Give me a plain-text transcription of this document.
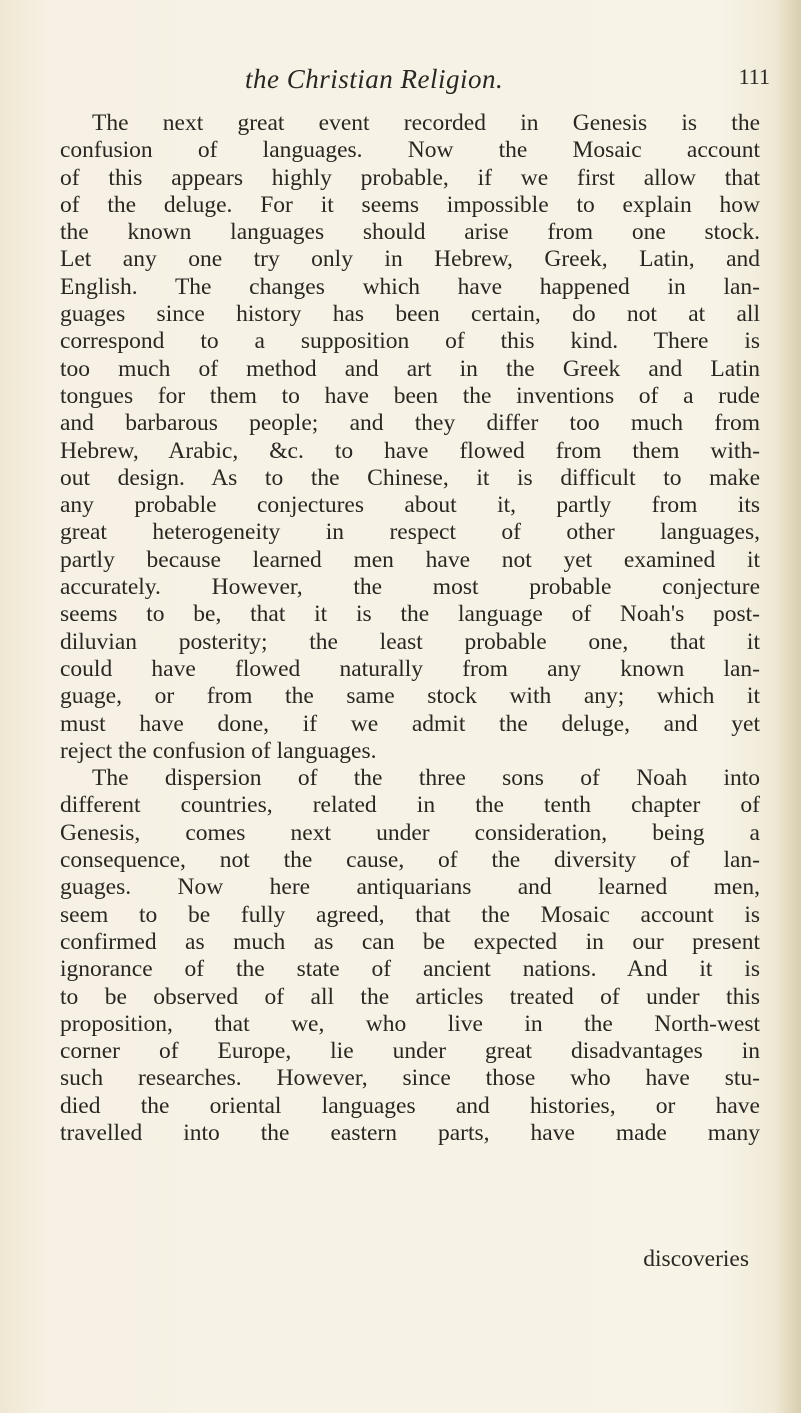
the Christian Religion.	111
The next great event recorded in Genesis is the
confusion of languages. Now the Mosaic account
of this appears highly probable, if we first allow that
of the deluge. For it seems impossible to explain how
the known languages should arise from one stock.
Let any one try only in Hebrew, Greek, Latin, and
English. The changes which have happened in lan-
guages since history has been certain, do not at all
correspond to a supposition of this kind. There is
too much of method and art in the Greek and Latin
tongues for them to have been the inventions of a rude
and barbarous people; and they differ too much from
Hebrew, Arabic, &c. to have flowed from them with-
out design. As to the Chinese, it is difficult to make
any probable conjectures about it, partly from its
great heterogeneity in respect of other languages,
partly because learned men have not yet examined it
accurately. However, the most probable conjecture
seems to be, that it is the language of Noah's post-
diluvian posterity; the least probable one, that it
could have flowed naturally from any known lan-
guage, or from the same stock with any; which it
must have done, if we admit the deluge, and yet
reject the confusion of languages.
The dispersion of the three sons of Noah into
different countries, related in the tenth chapter of
Genesis, comes next under consideration, being a
consequence, not the cause, of the diversity of lan-
guages. Now here antiquarians and learned men,
seem to be fully agreed, that the Mosaic account is
confirmed as much as can be expected in our present
ignorance of the state of ancient nations. And it is
to be observed of all the articles treated of under this
proposition, that we, who live in the North-west
corner of Europe, lie under great disadvantages in
such researches. However, since those who have stu-
died the oriental languages and histories, or have
travelled into the eastern parts, have made many
discoveries
